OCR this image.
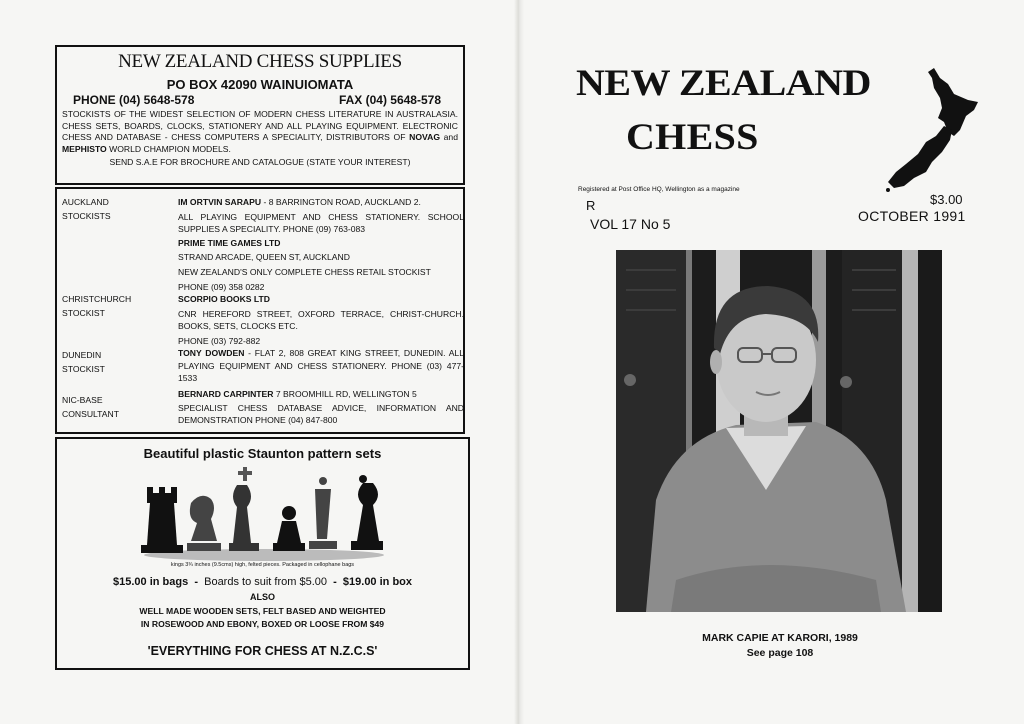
NEW ZEALAND CHESS SUPPLIES
PO BOX 42090 WAINUIOMATA
PHONE (04) 5648-578	FAX (04) 5648-578
STOCKISTS OF THE WIDEST SELECTION OF MODERN CHESS LITERATURE IN AUSTRALASIA. CHESS SETS, BOARDS, CLOCKS, STATIONERY AND ALL PLAYING EQUIPMENT. ELECTRONIC CHESS AND DATABASE - CHESS COMPUTERS A SPECIALITY, DISTRIBUTORS OF NOVAG and MEPHISTO WORLD CHAMPION MODELS.
SEND S.A.E FOR BROCHURE AND CATALOGUE (STATE YOUR INTEREST)
AUCKLAND
STOCKISTS
IM ORTVIN SARAPU - 8 BARRINGTON ROAD, AUCKLAND 2.
ALL PLAYING EQUIPMENT AND CHESS STATIONERY. SCHOOL SUPPLIES A SPECIALITY. PHONE (09) 763-083
PRIME TIME GAMES LTD
STRAND ARCADE, QUEEN ST, AUCKLAND
NEW ZEALAND'S ONLY COMPLETE CHESS RETAIL STOCKIST
PHONE (09) 358 0282
CHRISTCHURCH
STOCKIST
SCORPIO BOOKS LTD
CNR HEREFORD STREET, OXFORD TERRACE, CHRIST-CHURCH. BOOKS, SETS, CLOCKS ETC.
PHONE (03) 792-882
DUNEDIN
STOCKIST
TONY DOWDEN - FLAT 2, 808 GREAT KING STREET, DUNEDIN. ALL PLAYING EQUIPMENT AND CHESS STATIONERY. PHONE (03) 477-1533
NIC-BASE
CONSULTANT
BERNARD CARPINTER 7 BROOMHILL RD, WELLINGTON 5
SPECIALIST CHESS DATABASE ADVICE, INFORMATION AND DEMONSTRATION PHONE (04) 847-800
Beautiful plastic Staunton pattern sets
kings 3¾ inches (9.5cms) high, felted pieces. Packaged in cellophane bags
$15.00 in bags  -  Boards to suit from $5.00  -  $19.00 in box
ALSO
WELL MADE WOODEN SETS, FELT BASED AND WEIGHTED
IN ROSEWOOD AND EBONY, BOXED OR LOOSE FROM $49
'EVERYTHING FOR CHESS AT N.Z.C.S'
NEW ZEALAND
CHESS
Registered at Post Office HQ, Wellington as a magazine
R
VOL 17 No 5
$3.00
OCTOBER 1991
MARK CAPIE AT KARORI, 1989
See page 108
